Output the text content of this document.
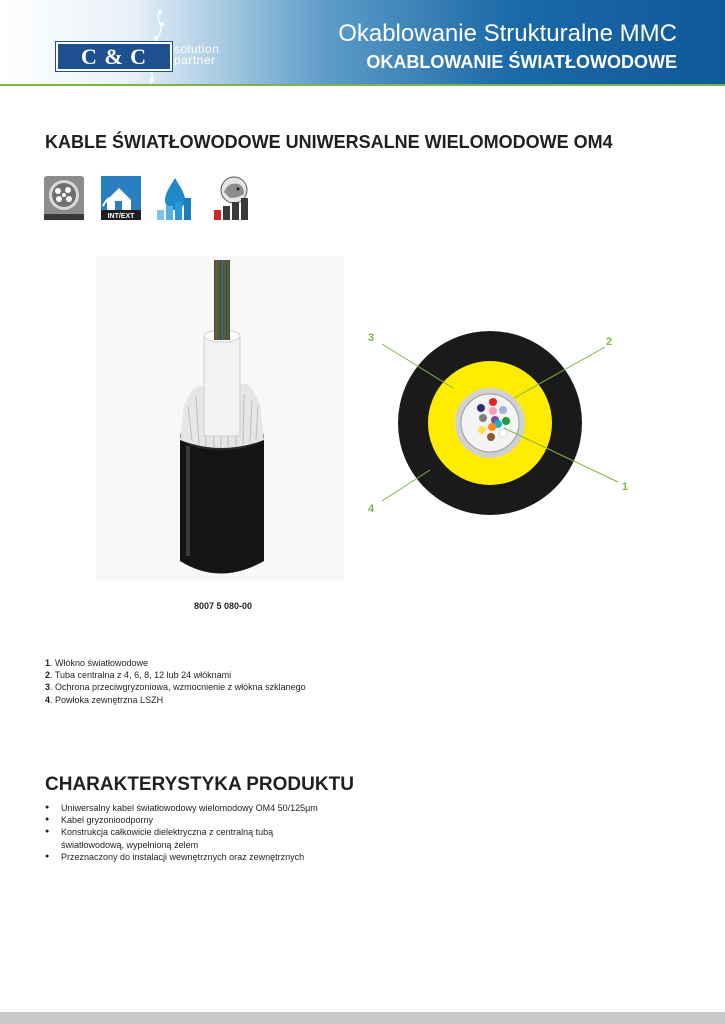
C & C	solution
partner
Okablowanie Strukturalne MMC
OKABLOWANIE ŚWIATŁOWODOWE
KABLE ŚWIATŁOWODOWE UNIWERSALNE WIELOMODOWE OM4
INT/EXT
3	2
1
4
8007 5 080-00
1. Włókno światłowodowe
2. Tuba centralna z 4, 6, 8, 12 lub 24 włóknami
3. Ochrona przeciwgryzoniowa, wzmocnienie z włókna szklanego
4. Powłoka zewnętrzna LSZH
CHARAKTERYSTYKA PRODUKTU
● Uniwersalny kabel światłowodowy wielomodowy OM4 50/125μm
● Kabel gryzonioodporny
● Konstrukcja całkowicie dielektryczna z centralną tubą
światłowodową, wypełnioną żelem
● Przeznaczony do instalacji wewnętrznych oraz zewnętrznych
